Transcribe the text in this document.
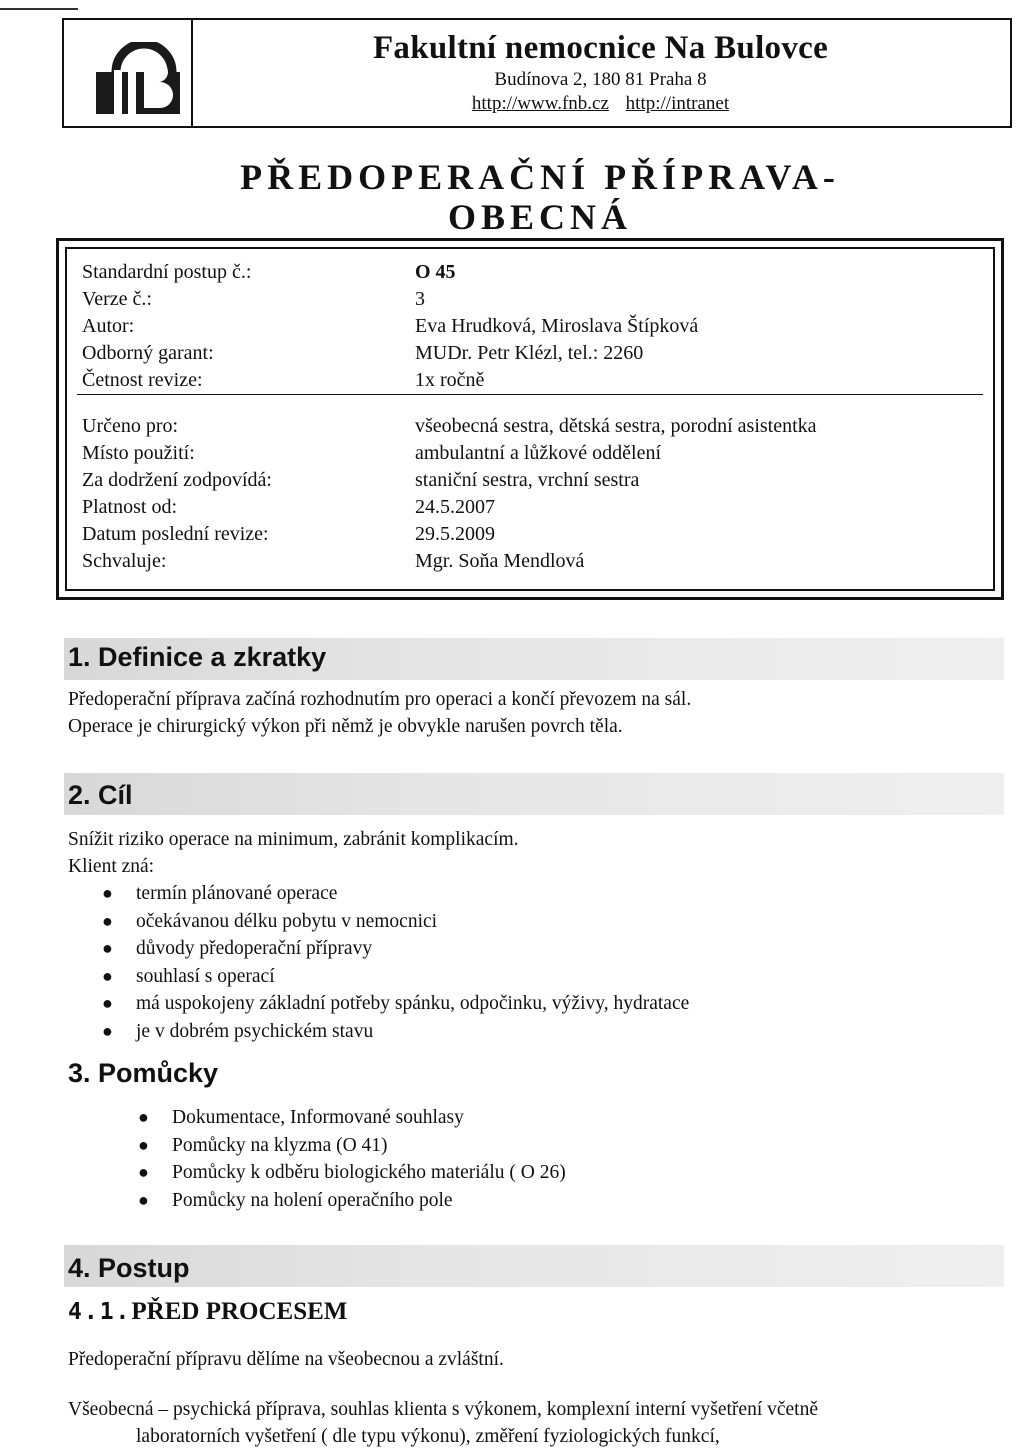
Fakultní nemocnice Na Bulovce
Budínova 2, 180 81 Praha 8
http://www.fnb.cz http://intranet
PŘEDOPERAČNÍ PŘÍPRAVA-
OBECNÁ
Standardní postup č.:	O 45
Verze č.:	3
Autor:	Eva Hrudková, Miroslava Štípková
Odborný garant:	MUDr. Petr Klézl, tel.: 2260
Četnost revize:	1x ročně
Určeno pro:	všeobecná sestra, dětská sestra, porodní asistentka
Místo použití:	ambulantní a lůžkové oddělení
Za dodržení zodpovídá:	staniční sestra, vrchní sestra
Platnost od:	24.5.2007
Datum poslední revize:	29.5.2009
Schvaluje:	Mgr. Soňa Mendlová
1. Definice a zkratky
Předoperační příprava začíná rozhodnutím pro operaci a končí převozem na sál.
Operace je chirurgický výkon při němž je obvykle narušen povrch těla.
2. Cíl
Snížit riziko operace na minimum, zabránit komplikacím.
Klient zná:
● termín plánované operace
● očekávanou délku pobytu v nemocnici
● důvody předoperační přípravy
● souhlasí s operací
● má uspokojeny základní potřeby spánku, odpočinku, výživy, hydratace
● je v dobrém psychickém stavu
3. Pomůcky
● Dokumentace, Informované souhlasy
● Pomůcky na klyzma (O 41)
● Pomůcky k odběru biologického materiálu ( O 26)
● Pomůcky na holení operačního pole
4. Postup
4.1.PŘED PROCESEM
Předoperační přípravu dělíme na všeobecnou a zvláštní.
Všeobecná – psychická příprava, souhlas klienta s výkonem, komplexní interní vyšetření včetně
laboratorních vyšetření ( dle typu výkonu), změření fyziologických funkcí,
